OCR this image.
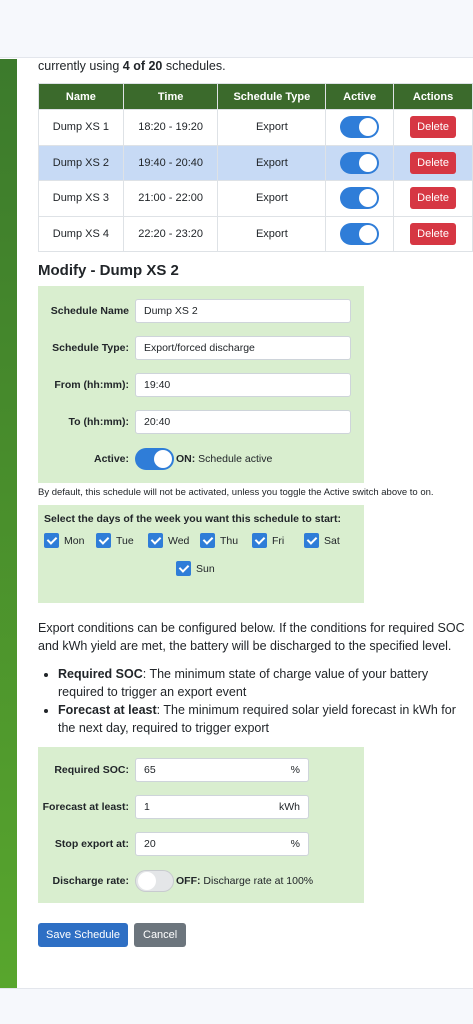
currently using 4 of 20 schedules.
Name	Time	Schedule Type	Active	Actions
Dump XS 1	18:20 - 19:20	Export		Delete
Dump XS 2	19:40 - 20:40	Export		Delete
Dump XS 3	21:00 - 22:00	Export		Delete
Dump XS 4	22:20 - 23:20	Export		Delete
Modify - Dump XS 2
Schedule Name	Dump XS 2
Schedule Type:	Export/forced discharge
From (hh:mm):	19:40
To (hh:mm):	20:40
Active:	ON: Schedule active
By default, this schedule will not be activated, unless you toggle the Active switch above to on.
Select the days of the week you want this schedule to start:
Mon	Tue	Wed	Thu	Fri	Sat
Sun

Export conditions can be configured below. If the conditions for required SOC and kWh yield are met, the battery will be discharged to the specified level.

• Required SOC: The minimum state of charge value of your battery required to trigger an export event
• Forecast at least: The minimum required solar yield forecast in kWh for the next day, required to trigger export
Required SOC:	65	%
Forecast at least:	1	kWh
Stop export at:	20	%
Discharge rate:	OFF: Discharge rate at 100%
Save Schedule	Cancel
